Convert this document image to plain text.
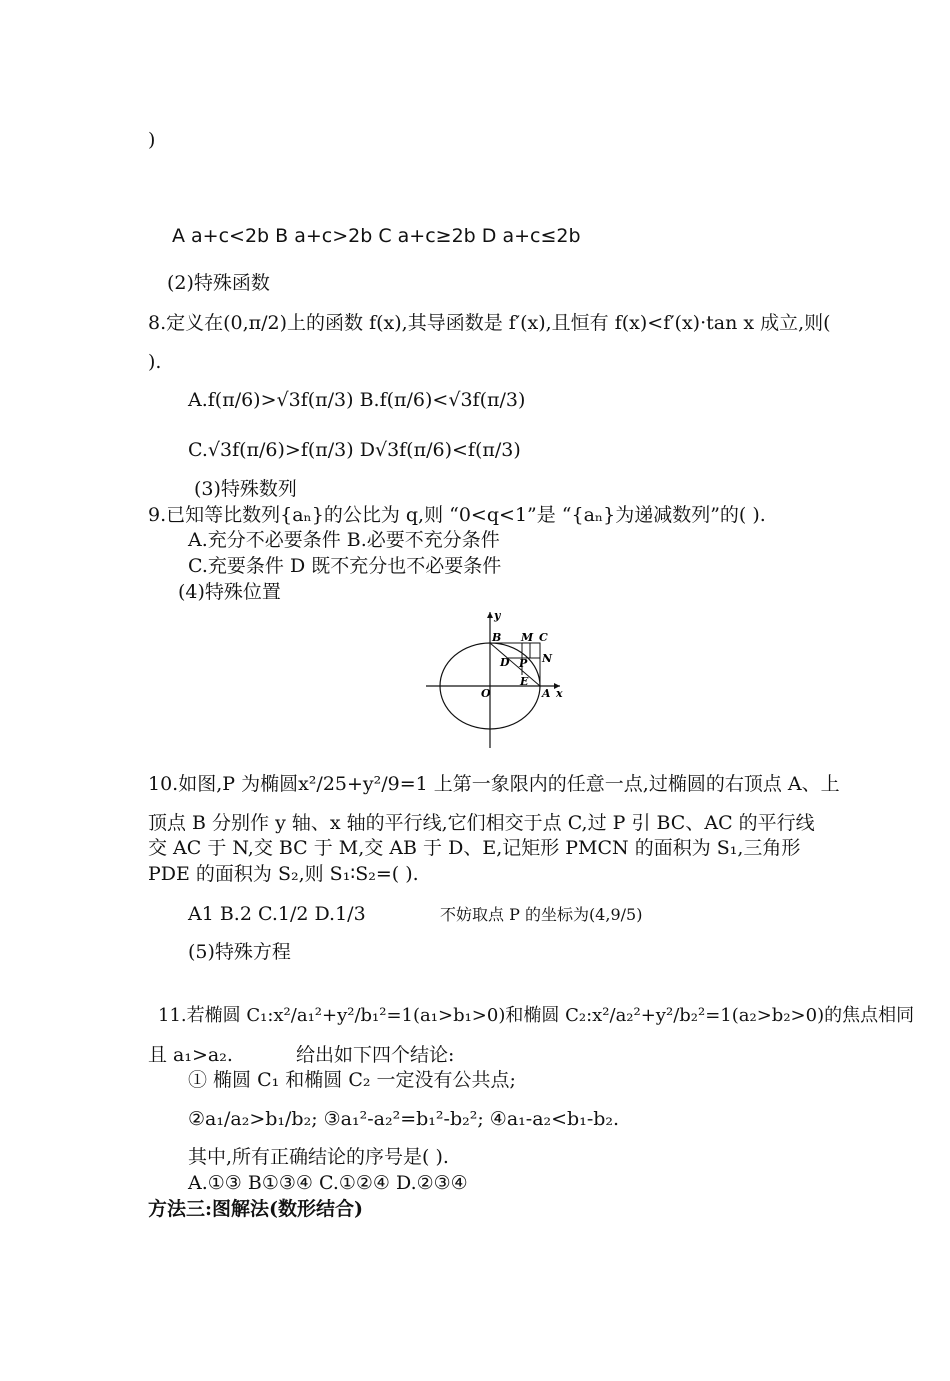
)
A a+c<2b B a+c>2b C a+c≥2b D a+c≤2b
(2)特殊函数
8.定义在(0,π/2)上的函数 f(x),其导函数是 f′(x),且恒有 f(x)<f′(x)·tan x 成立,则(
).
A.f(π/6)>√3f(π/3) B.f(π/6)<√3f(π/3)
C.√3f(π/6)>f(π/3) D√3f(π/6)<f(π/3)
(3)特殊数列
9.已知等比数列{aₙ}的公比为 q,则 “0<q<1”是 “{aₙ}为递减数列”的( ).
A.充分不必要条件 B.必要不充分条件
C.充要条件 D 既不充分也不必要条件
(4)特殊位置
y
x
B M C
N
D P
E
O	A
10.如图,P 为椭圆x²/25+y²/9=1 上第一象限内的任意一点,过椭圆的右顶点 A、上
顶点 B 分别作 y 轴、x 轴的平行线,它们相交于点 C,过 P 引 BC、AC 的平行线
交 AC 于 N,交 BC 于 M,交 AB 于 D、E,记矩形 PMCN 的面积为 S₁,三角形
PDE 的面积为 S₂,则 S₁∶S₂=( ).
A1 B.2 C.1/2 D.1/3	不妨取点 P 的坐标为(4,9/5)
(5)特殊方程
11.若椭圆 C₁:x²/a₁²+y²/b₁²=1(a₁>b₁>0)和椭圆 C₂:x²/a₂²+y²/b₂²=1(a₂>b₂>0)的焦点相同
且 a₁>a₂.	给出如下四个结论:
① 椭圆 C₁ 和椭圆 C₂ 一定没有公共点;
②a₁/a₂>b₁/b₂; ③a₁²-a₂²=b₁²-b₂²; ④a₁-a₂<b₁-b₂.
其中,所有正确结论的序号是( ).
A.①③ B①③④ C.①②④ D.②③④
方法三:图解法(数形结合)
